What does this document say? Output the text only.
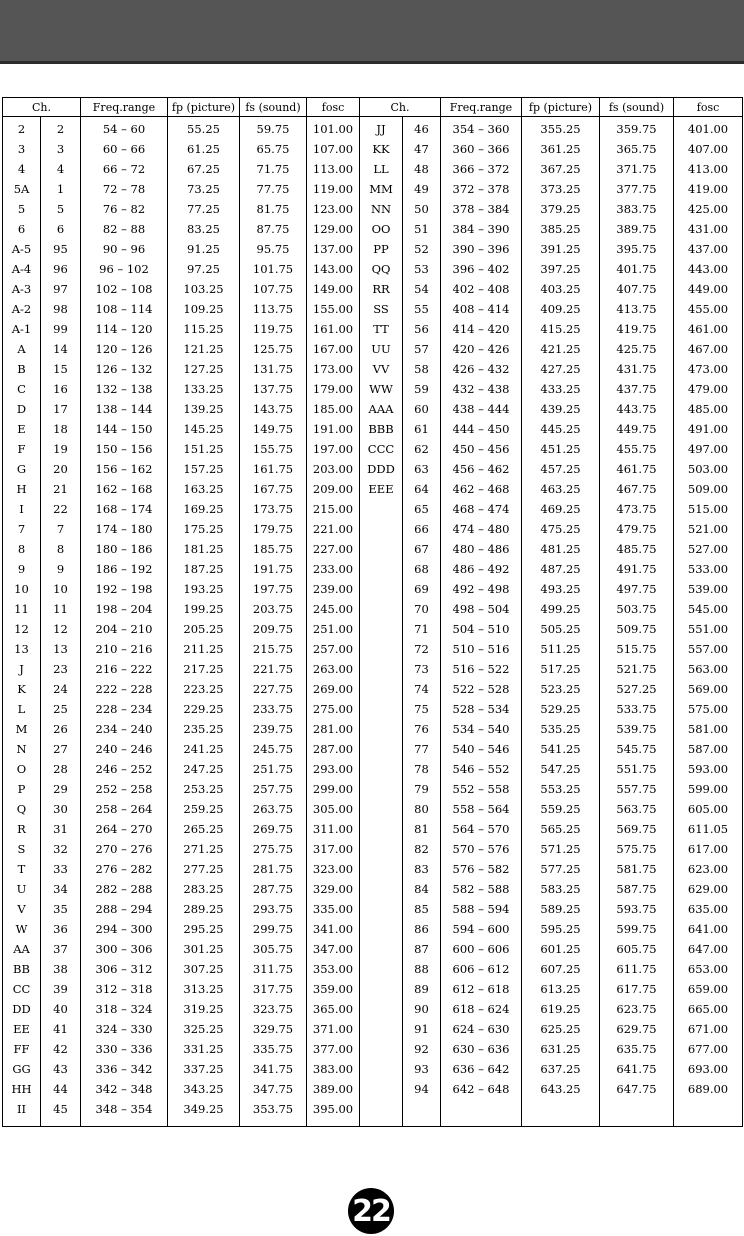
Ch.		Freq.range	fp (picture)	fs (sound)	fosc	Ch.		Freq.range	fp (picture)	fs (sound)	fosc
2	2	54 – 60	55.25	59.75	101.00	JJ	46	354 – 360	355.25	359.75	401.00
3	3	60 – 66	61.25	65.75	107.00	KK	47	360 – 366	361.25	365.75	407.00
4	4	66 – 72	67.25	71.75	113.00	LL	48	366 – 372	367.25	371.75	413.00
5A	1	72 – 78	73.25	77.75	119.00	MM	49	372 – 378	373.25	377.75	419.00
5	5	76 – 82	77.25	81.75	123.00	NN	50	378 – 384	379.25	383.75	425.00
6	6	82 – 88	83.25	87.75	129.00	OO	51	384 – 390	385.25	389.75	431.00
A-5	95	90 – 96	91.25	95.75	137.00	PP	52	390 – 396	391.25	395.75	437.00
A-4	96	96 – 102	97.25	101.75	143.00	QQ	53	396 – 402	397.25	401.75	443.00
A-3	97	102 – 108	103.25	107.75	149.00	RR	54	402 – 408	403.25	407.75	449.00
A-2	98	108 – 114	109.25	113.75	155.00	SS	55	408 – 414	409.25	413.75	455.00
A-1	99	114 – 120	115.25	119.75	161.00	TT	56	414 – 420	415.25	419.75	461.00
A	14	120 – 126	121.25	125.75	167.00	UU	57	420 – 426	421.25	425.75	467.00
B	15	126 – 132	127.25	131.75	173.00	VV	58	426 – 432	427.25	431.75	473.00
C	16	132 – 138	133.25	137.75	179.00	WW	59	432 – 438	433.25	437.75	479.00
D	17	138 – 144	139.25	143.75	185.00	AAA	60	438 – 444	439.25	443.75	485.00
E	18	144 – 150	145.25	149.75	191.00	BBB	61	444 – 450	445.25	449.75	491.00
F	19	150 – 156	151.25	155.75	197.00	CCC	62	450 – 456	451.25	455.75	497.00
G	20	156 – 162	157.25	161.75	203.00	DDD	63	456 – 462	457.25	461.75	503.00
H	21	162 – 168	163.25	167.75	209.00	EEE	64	462 – 468	463.25	467.75	509.00
I	22	168 – 174	169.25	173.75	215.00		65	468 – 474	469.25	473.75	515.00
7	7	174 – 180	175.25	179.75	221.00		66	474 – 480	475.25	479.75	521.00
8	8	180 – 186	181.25	185.75	227.00		67	480 – 486	481.25	485.75	527.00
9	9	186 – 192	187.25	191.75	233.00		68	486 – 492	487.25	491.75	533.00
10	10	192 – 198	193.25	197.75	239.00		69	492 – 498	493.25	497.75	539.00
11	11	198 – 204	199.25	203.75	245.00		70	498 – 504	499.25	503.75	545.00
12	12	204 – 210	205.25	209.75	251.00		71	504 – 510	505.25	509.75	551.00
13	13	210 – 216	211.25	215.75	257.00		72	510 – 516	511.25	515.75	557.00
J	23	216 – 222	217.25	221.75	263.00		73	516 – 522	517.25	521.75	563.00
K	24	222 – 228	223.25	227.75	269.00		74	522 – 528	523.25	527.25	569.00
L	25	228 – 234	229.25	233.75	275.00		75	528 – 534	529.25	533.75	575.00
M	26	234 – 240	235.25	239.75	281.00		76	534 – 540	535.25	539.75	581.00
N	27	240 – 246	241.25	245.75	287.00		77	540 – 546	541.25	545.75	587.00
O	28	246 – 252	247.25	251.75	293.00		78	546 – 552	547.25	551.75	593.00
P	29	252 – 258	253.25	257.75	299.00		79	552 – 558	553.25	557.75	599.00
Q	30	258 – 264	259.25	263.75	305.00		80	558 – 564	559.25	563.75	605.00
R	31	264 – 270	265.25	269.75	311.00		81	564 – 570	565.25	569.75	611.05
S	32	270 – 276	271.25	275.75	317.00		82	570 – 576	571.25	575.75	617.00
T	33	276 – 282	277.25	281.75	323.00		83	576 – 582	577.25	581.75	623.00
U	34	282 – 288	283.25	287.75	329.00		84	582 – 588	583.25	587.75	629.00
V	35	288 – 294	289.25	293.75	335.00		85	588 – 594	589.25	593.75	635.00
W	36	294 – 300	295.25	299.75	341.00		86	594 – 600	595.25	599.75	641.00
AA	37	300 – 306	301.25	305.75	347.00		87	600 – 606	601.25	605.75	647.00
BB	38	306 – 312	307.25	311.75	353.00		88	606 – 612	607.25	611.75	653.00
CC	39	312 – 318	313.25	317.75	359.00		89	612 – 618	613.25	617.75	659.00
DD	40	318 – 324	319.25	323.75	365.00		90	618 – 624	619.25	623.75	665.00
EE	41	324 – 330	325.25	329.75	371.00		91	624 – 630	625.25	629.75	671.00
FF	42	330 – 336	331.25	335.75	377.00		92	630 – 636	631.25	635.75	677.00
GG	43	336 – 342	337.25	341.75	383.00		93	636 – 642	637.25	641.75	693.00
HH	44	342 – 348	343.25	347.75	389.00		94	642 – 648	643.25	647.75	689.00
II	45	348 – 354	349.25	353.75	395.00						
22
